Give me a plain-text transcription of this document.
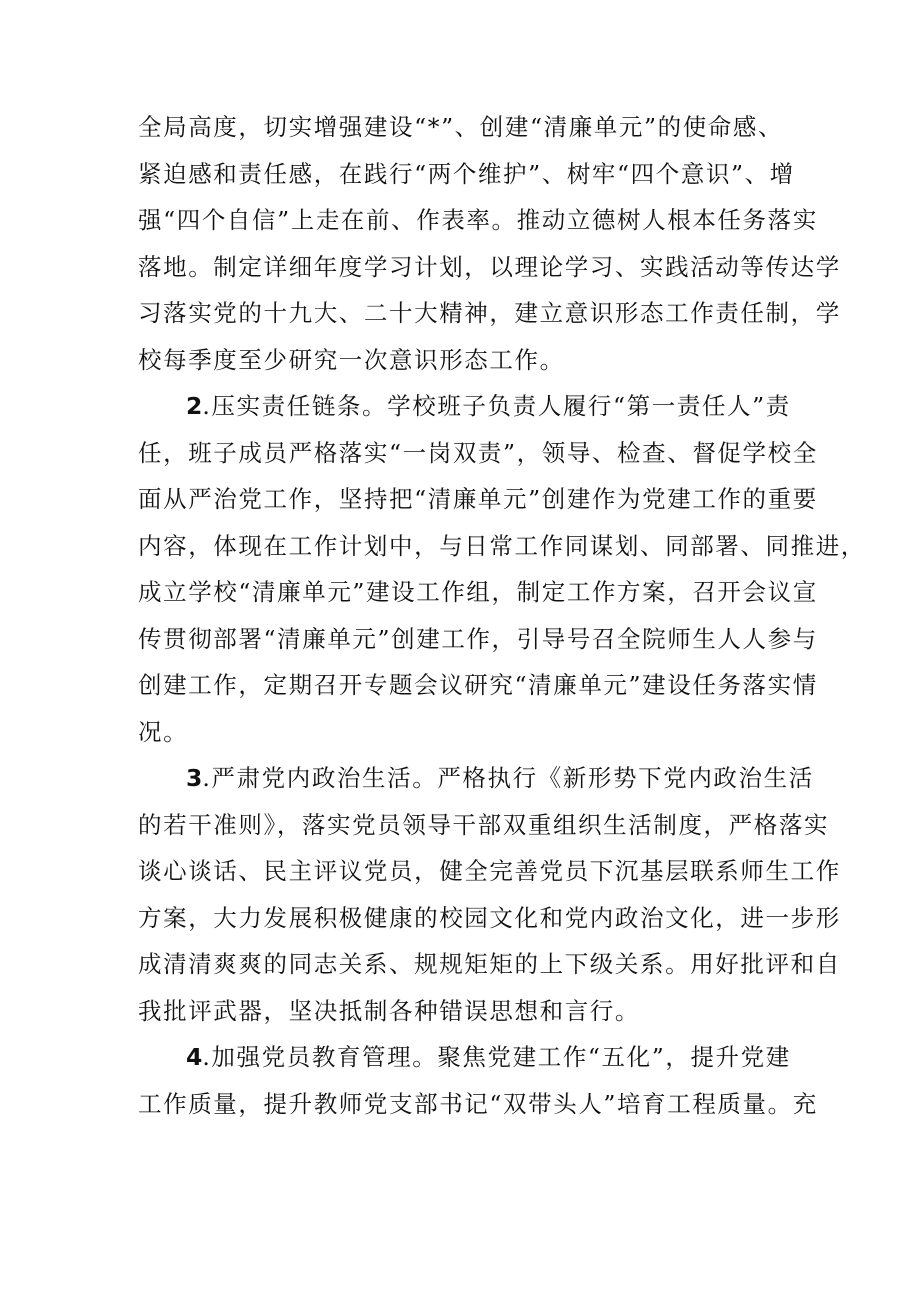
全局高度，切实增强建设“*”、创建“清廉单元”的使命感、
紧迫感和责任感，在践行“两个维护”、树牢“四个意识”、增
强“四个自信”上走在前、作表率。推动立德树人根本任务落实
落地。制定详细年度学习计划，以理论学习、实践活动等传达学
习落实党的十九大、二十大精神，建立意识形态工作责任制，学
校每季度至少研究一次意识形态工作。
2.压实责任链条。学校班子负责人履行“第一责任人”责
任，班子成员严格落实“一岗双责”，领导、检查、督促学校全
面从严治党工作，坚持把“清廉单元”创建作为党建工作的重要
内容，体现在工作计划中，与日常工作同谋划、同部署、同推进，
成立学校“清廉单元”建设工作组，制定工作方案，召开会议宣
传贯彻部署“清廉单元”创建工作，引导号召全院师生人人参与
创建工作，定期召开专题会议研究“清廉单元”建设任务落实情
况。
3.严肃党内政治生活。严格执行《新形势下党内政治生活
的若干准则》，落实党员领导干部双重组织生活制度，严格落实
谈心谈话、民主评议党员，健全完善党员下沉基层联系师生工作
方案，大力发展积极健康的校园文化和党内政治文化，进一步形
成清清爽爽的同志关系、规规矩矩的上下级关系。用好批评和自
我批评武器，坚决抵制各种错误思想和言行。
4.加强党员教育管理。聚焦党建工作“五化”，提升党建
工作质量，提升教师党支部书记“双带头人”培育工程质量。充
